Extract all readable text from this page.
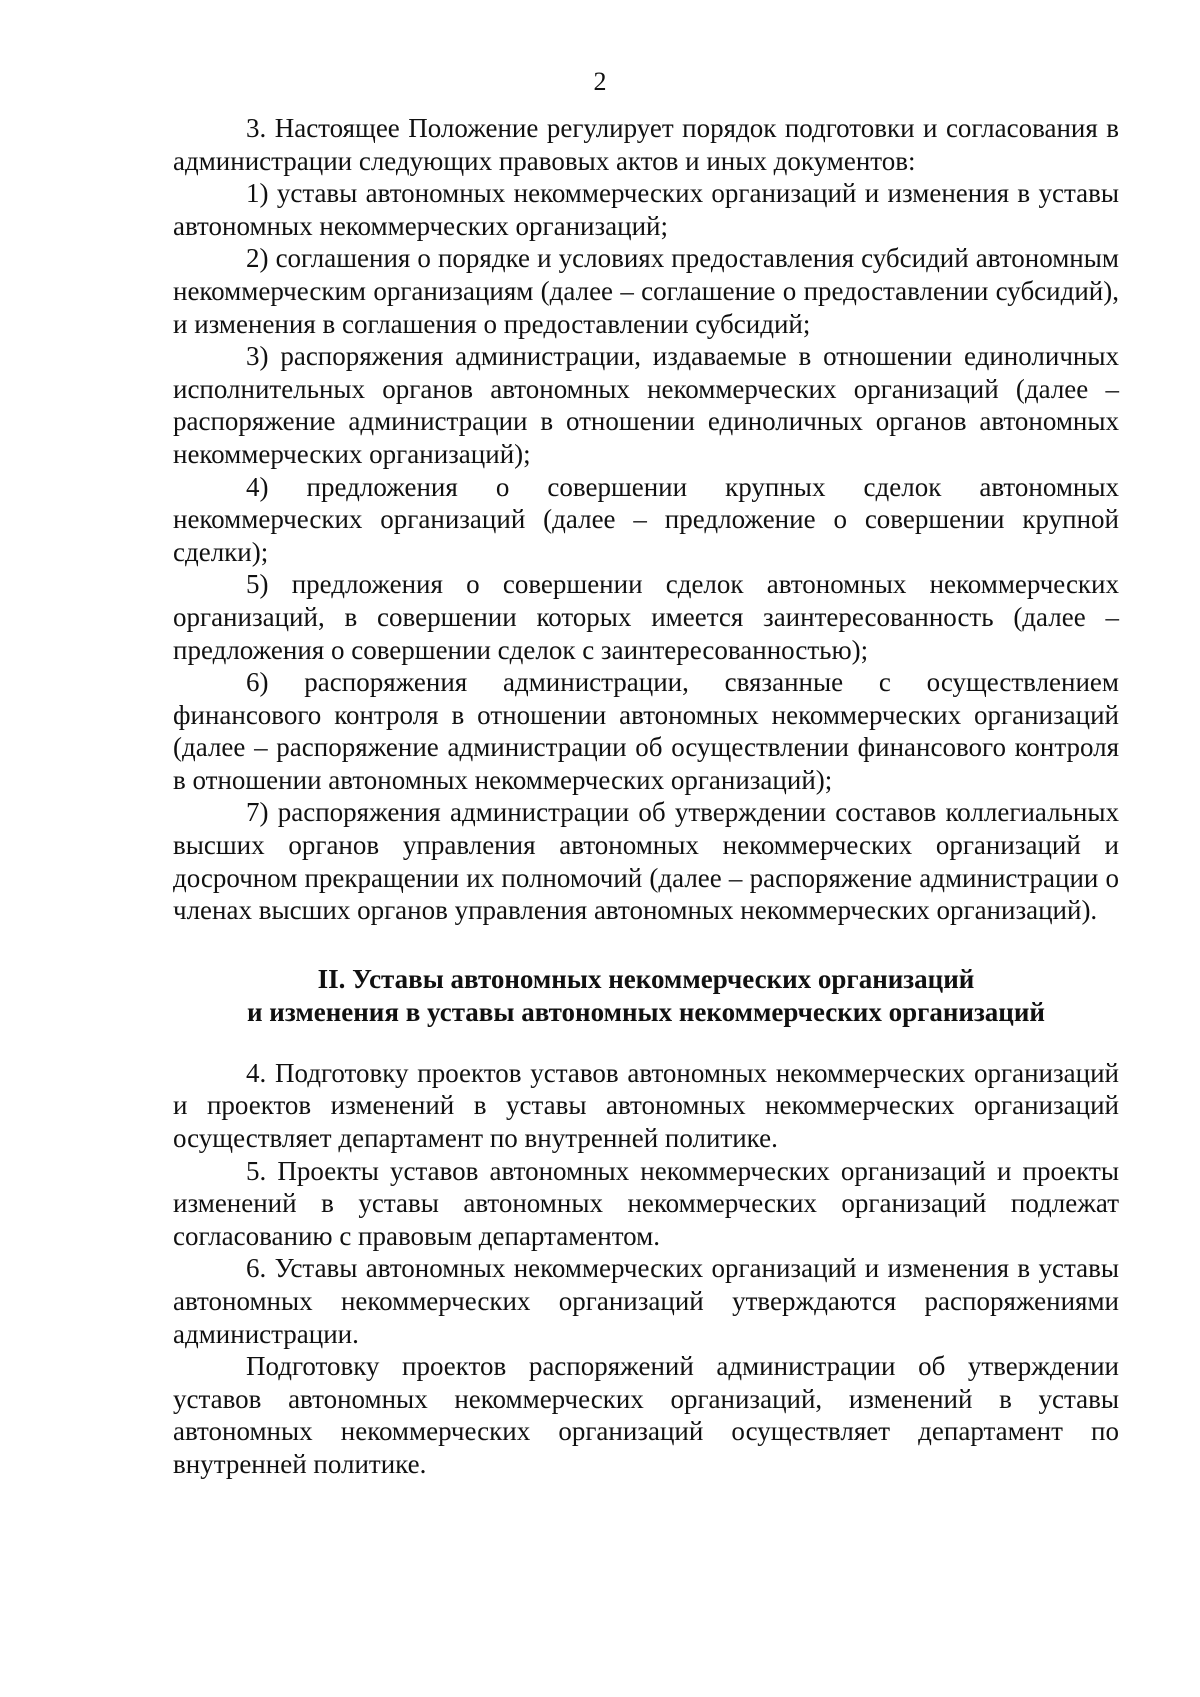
2

3. Настоящее Положение регулирует порядок подготовки и согласования в администрации следующих правовых актов и иных документов:

1) уставы автономных некоммерческих организаций и изменения в уставы автономных некоммерческих организаций;

2) соглашения о порядке и условиях предоставления субсидий автономным некоммерческим организациям (далее – соглашение о предоставлении субсидий), и изменения в соглашения о предоставлении субсидий;

3) распоряжения администрации, издаваемые в отношении единоличных исполнительных органов автономных некоммерческих организаций (далее – распоряжение администрации в отношении единоличных органов автономных некоммерческих организаций);

4) предложения о совершении крупных сделок автономных некоммерческих организаций (далее – предложение о совершении крупной сделки);

5) предложения о совершении сделок автономных некоммерческих организаций, в совершении которых имеется заинтересованность (далее – предложения о совершении сделок с заинтересованностью);

6) распоряжения администрации, связанные с осуществлением финансового контроля в отношении автономных некоммерческих организаций (далее – распоряжение администрации об осуществлении финансового контроля в отношении автономных некоммерческих организаций);

7) распоряжения администрации об утверждении составов коллегиальных высших органов управления автономных некоммерческих организаций и досрочном прекращении их полномочий (далее – распоряжение администрации о членах высших органов управления автономных некоммерческих организаций).

II. Уставы автономных некоммерческих организаций
и изменения в уставы автономных некоммерческих организаций

4. Подготовку проектов уставов автономных некоммерческих организаций и проектов изменений в уставы автономных некоммерческих организаций осуществляет департамент по внутренней политике.

5. Проекты уставов автономных некоммерческих организаций и проекты изменений в уставы автономных некоммерческих организаций подлежат согласованию с правовым департаментом.

6. Уставы автономных некоммерческих организаций и изменения в уставы автономных некоммерческих организаций утверждаются распоряжениями администрации.

Подготовку проектов распоряжений администрации об утверждении уставов автономных некоммерческих организаций, изменений в уставы автономных некоммерческих организаций осуществляет департамент по внутренней политике.
